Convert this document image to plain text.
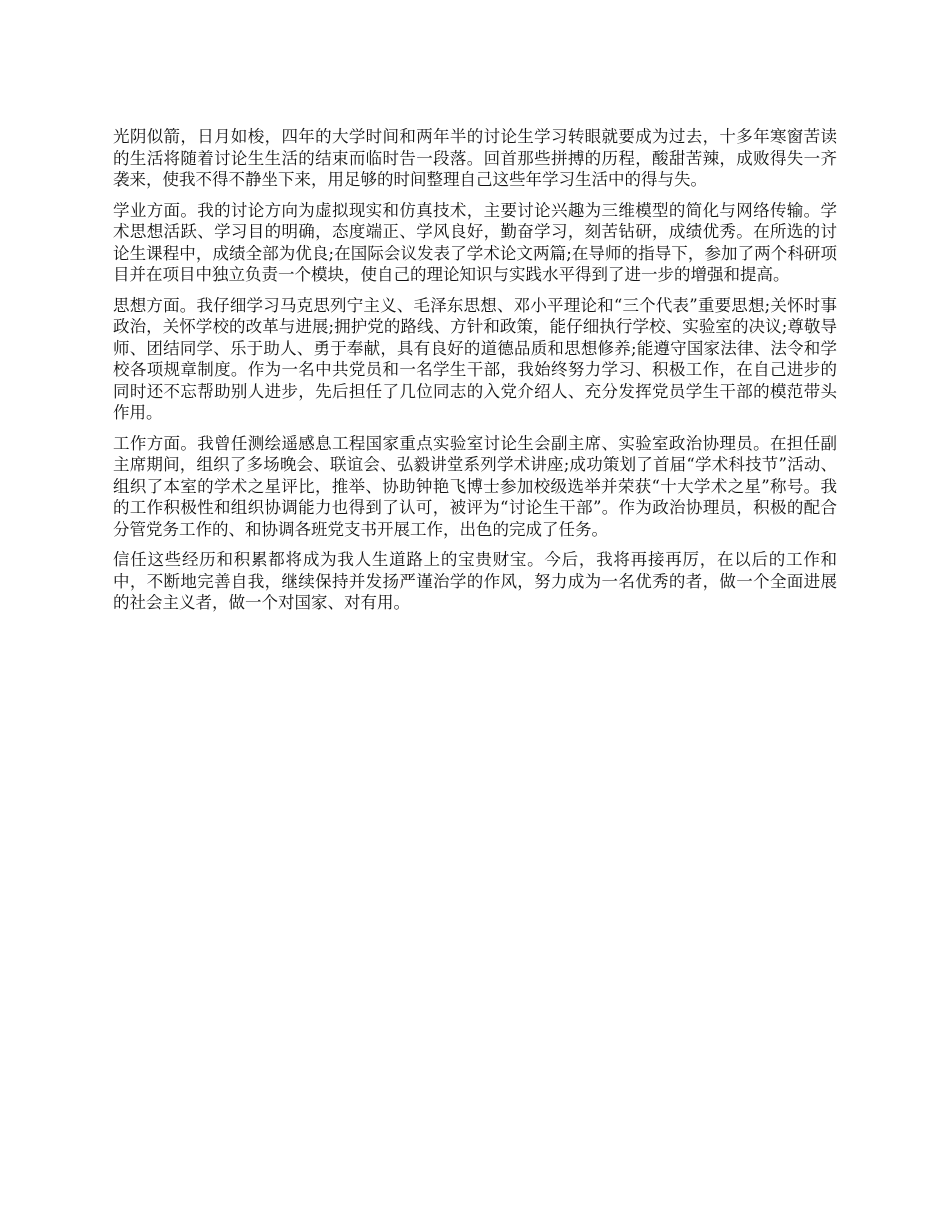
光阴似箭，日月如梭，四年的大学时间和两年半的讨论生学习转眼就要成为过去，十多年寒窗苦读的生活将随着讨论生生活的结束而临时告一段落。回首那些拼搏的历程，酸甜苦辣，成败得失一齐袭来，使我不得不静坐下来，用足够的时间整理自己这些年学习生活中的得与失。

学业方面。我的讨论方向为虚拟现实和仿真技术，主要讨论兴趣为三维模型的简化与网络传输。学术思想活跃、学习目的明确，态度端正、学风良好，勤奋学习，刻苦钻研，成绩优秀。在所选的讨论生课程中，成绩全部为优良;在国际会议发表了学术论文两篇;在导师的指导下，参加了两个科研项目并在项目中独立负责一个模块，使自己的理论知识与实践水平得到了进一步的增强和提高。

思想方面。我仔细学习马克思列宁主义、毛泽东思想、邓小平理论和“三个代表”重要思想;关怀时事政治，关怀学校的改革与进展;拥护党的路线、方针和政策，能仔细执行学校、实验室的决议;尊敬导师、团结同学、乐于助人、勇于奉献，具有良好的道德品质和思想修养;能遵守国家法律、法令和学校各项规章制度。作为一名中共党员和一名学生干部，我始终努力学习、积极工作，在自己进步的同时还不忘帮助别人进步，先后担任了几位同志的入党介绍人、充分发挥党员学生干部的模范带头作用。

工作方面。我曾任测绘遥感息工程国家重点实验室讨论生会副主席、实验室政治协理员。在担任副主席期间，组织了多场晚会、联谊会、弘毅讲堂系列学术讲座;成功策划了首届“学术科技节”活动、组织了本室的学术之星评比，推举、协助钟艳飞博士参加校级选举并荣获“十大学术之星”称号。我的工作积极性和组织协调能力也得到了认可，被评为“讨论生干部”。作为政治协理员，积极的配合分管党务工作的、和协调各班党支书开展工作，出色的完成了任务。

信任这些经历和积累都将成为我人生道路上的宝贵财宝。今后，我将再接再厉，在以后的工作和中，不断地完善自我，继续保持并发扬严谨治学的作风，努力成为一名优秀的者，做一个全面进展的社会主义者，做一个对国家、对有用。
